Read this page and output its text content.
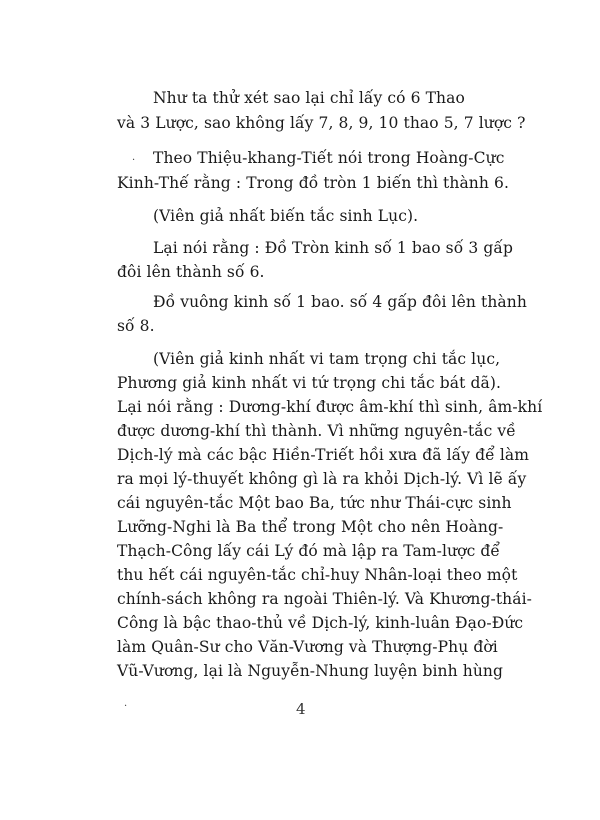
Như ta thử xét sao lại chỉ lấy có 6 Thao
và 3 Lược, sao không lấy 7, 8, 9, 10 thao 5, 7 lược ?
Theo Thiệu-khang-Tiết nói trong Hoàng-Cực
Kinh-Thế rằng : Trong đồ tròn 1 biến thì thành 6.
(Viên giả nhất biến tắc sinh Lục).
Lại nói rằng : Đồ Tròn kinh số 1 bao số 3 gấp
đôi lên thành số 6.
Đồ vuông kinh số 1 bao. số 4 gấp đôi lên thành
số 8.
(Viên giả kinh nhất vi tam trọng chi tắc lục,
Phương giả kinh nhất vi tứ trọng chi tắc bát dã).
Lại nói rằng : Dương-khí được âm-khí thì sinh, âm-khí
được dương-khí thì thành. Vì những nguyên-tắc về
Dịch-lý mà các bậc Hiền-Triết hồi xưa đã lấy để làm
ra mọi lý-thuyết không gì là ra khỏi Dịch-lý. Vì lẽ ấy
cái nguyên-tắc Một bao Ba, tức như Thái-cực sinh
Lưỡng-Nghi là Ba thể trong Một cho nên Hoàng-
Thạch-Công lấy cái Lý đó mà lập ra Tam-lược để
thu hết cái nguyên-tắc chỉ-huy Nhân-loại theo một
chính-sách không ra ngoài Thiên-lý. Và Khương-thái-
Công là bậc thao-thủ về Dịch-lý, kinh-luân Đạo-Đức
làm Quân-Sư cho Văn-Vương và Thượng-Phụ đời
Vũ-Vương, lại là Nguyễn-Nhung luyện binh hùng
·
·	4
